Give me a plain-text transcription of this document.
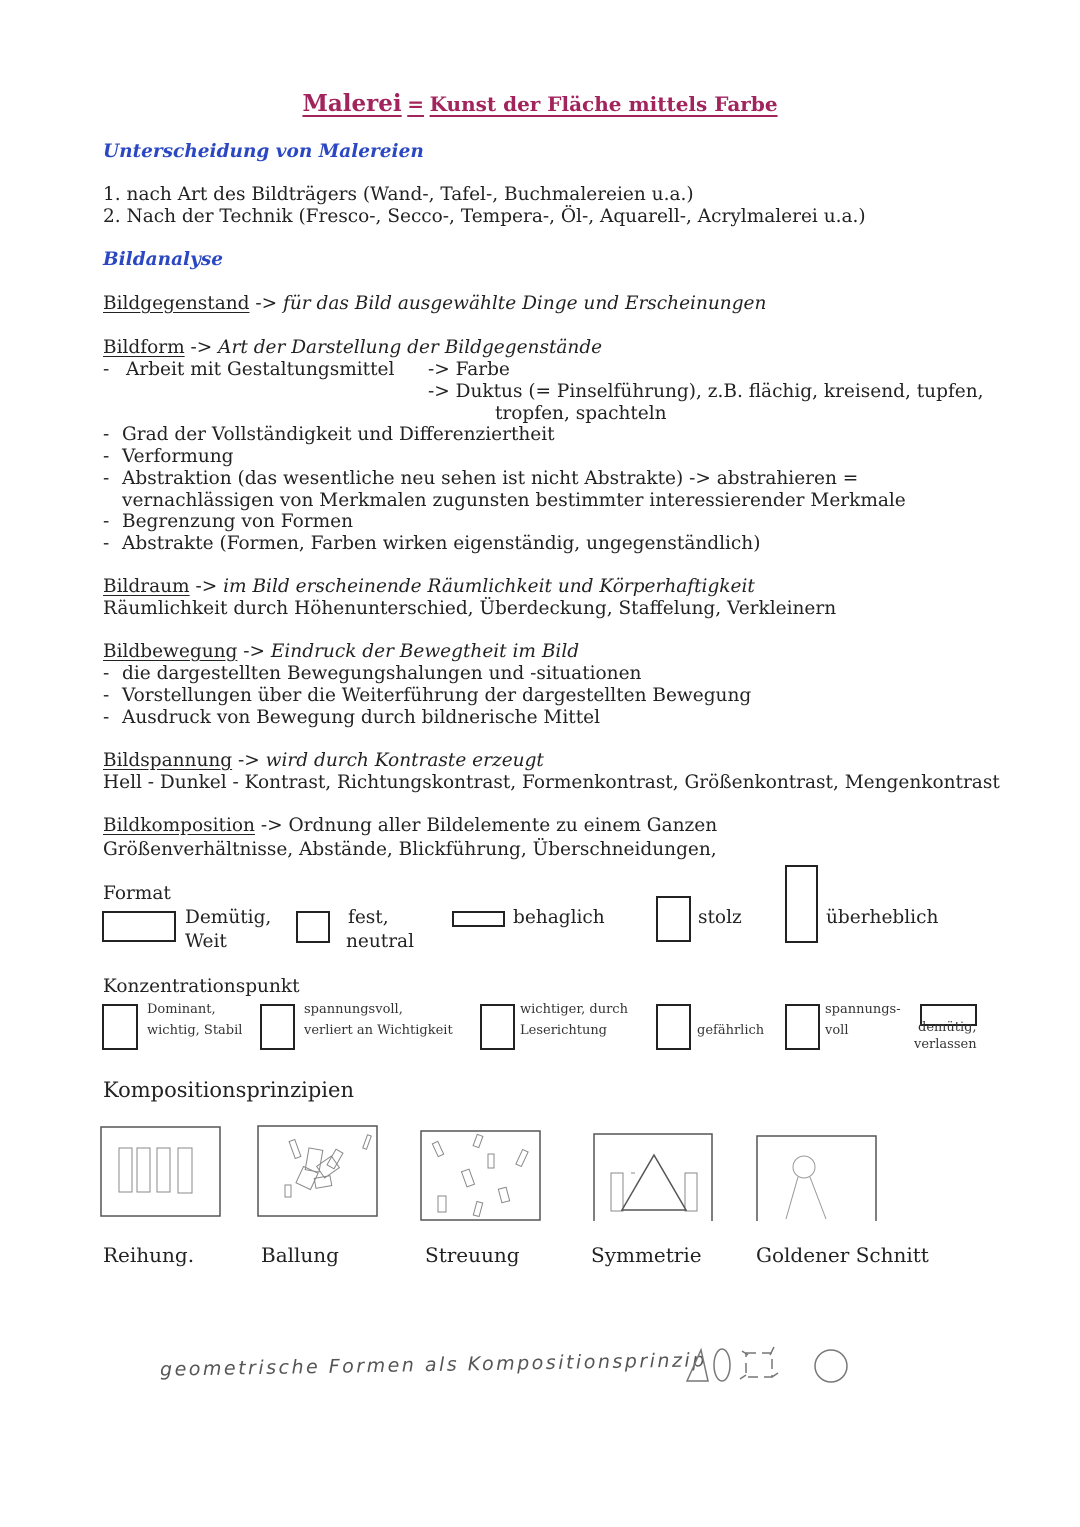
Malerei = Kunst der Fläche mittels Farbe
Unterscheidung von Malereien
1. nach Art des Bildträgers (Wand-, Tafel-, Buchmalereien u.a.)
2. Nach der Technik (Fresco-, Secco-, Tempera-, Öl-, Aquarell-, Acrylmalerei u.a.)
Bildanalyse
Bildgegenstand -> für das Bild ausgewählte Dinge und Erscheinungen
Bildform -> Art der Darstellung der Bildgegenstände
- Arbeit mit Gestaltungsmittel -> Farbe
-> Duktus (= Pinselführung), z.B. flächig, kreisend, tupfen,
tropfen, spachteln
- Grad der Vollständigkeit und Differenziertheit
- Verformung
- Abstraktion (das wesentliche neu sehen ist nicht Abstrakte) -> abstrahieren =
vernachlässigen von Merkmalen zugunsten bestimmter interessierender Merkmale
- Begrenzung von Formen
- Abstrakte (Formen, Farben wirken eigenständig, ungegenständlich)
Bildraum -> im Bild erscheinende Räumlichkeit und Körperhaftigkeit
Räumlichkeit durch Höhenunterschied, Überdeckung, Staffelung, Verkleinern
Bildbewegung -> Eindruck der Bewegtheit im Bild
- die dargestellten Bewegungshalungen und -situationen
- Vorstellungen über die Weiterführung der dargestellten Bewegung
- Ausdruck von Bewegung durch bildnerische Mittel
Bildspannung -> wird durch Kontraste erzeugt
Hell - Dunkel - Kontrast, Richtungskontrast, Formenkontrast, Größenkontrast, Mengenkontrast
Bildkomposition -> Ordnung aller Bildelemente zu einem Ganzen
Größenverhältnisse, Abstände, Blickführung, Überschneidungen,
Format
Demütig,
Weit
fest,
neutral
behaglich	stolz	überheblich
Konzentrationspunkt
Dominant,
wichtig, Stabil
spannungsvoll,
verliert an Wichtigkeit
wichtiger, durch
Leserichtung	gefährlich
spannungs-
voll	demütig,
verlassen
Kompositionsprinzipien
Reihung.	Ballung	Streuung	Symmetrie	Goldener Schnitt
geometrische Formen als Kompositionsprinzip
